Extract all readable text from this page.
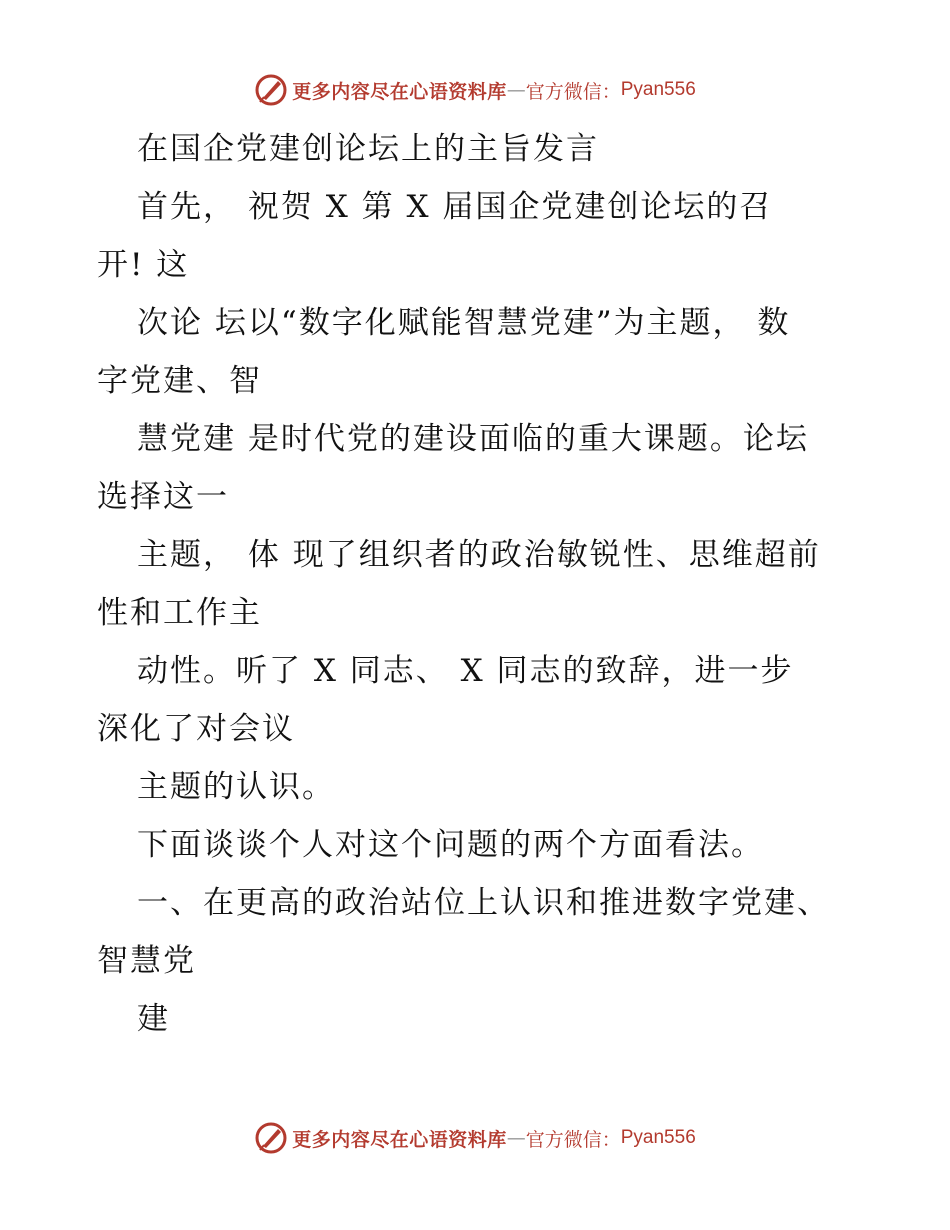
更多内容尽在心语资料库 — 官方微信： Pyan556
在国企党建创论坛上的主旨发言
首先， 祝贺 X 第 X 届国企党建创论坛的召
开! 这
次论 坛以“数字化赋能智慧党建”为主题， 数
字党建、智
慧党建 是时代党的建设面临的重大课题。论坛
选择这一
主题， 体 现了组织者的政治敏锐性、思维超前
性和工作主
动性。听了 X 同志、 X 同志的致辞，进一步
深化了对会议
主题的认识。
下面谈谈个人对这个问题的两个方面看法。
一、在更高的政治站位上认识和推进数字党建、
智慧党
建
更多内容尽在心语资料库 — 官方微信： Pyan556
